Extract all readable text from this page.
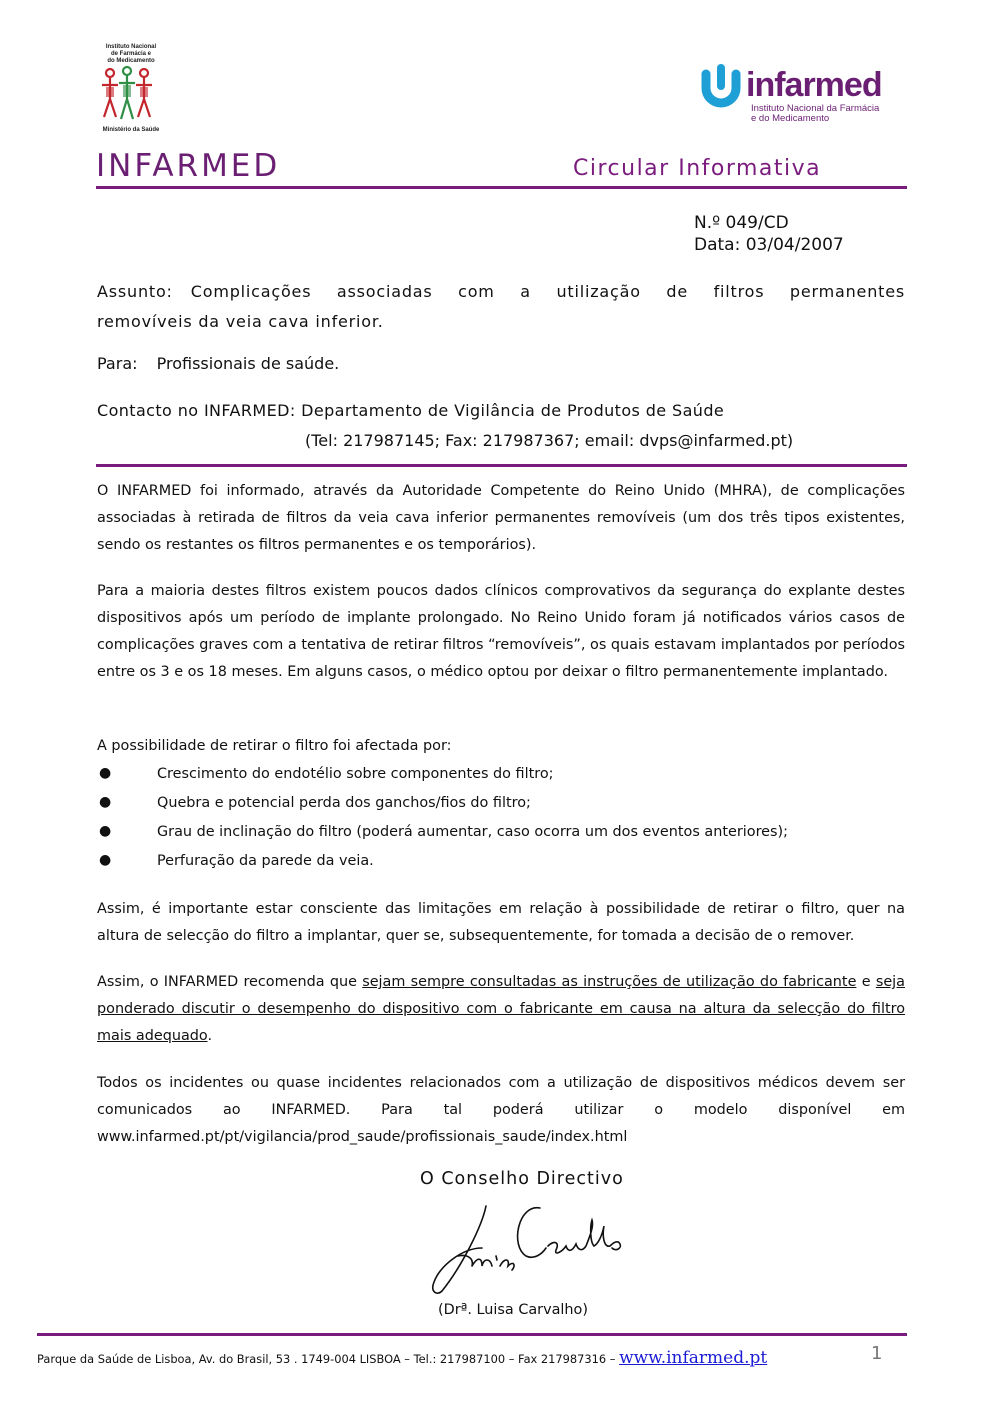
Instituto Nacional
de Farmácia e
do Medicamento
Ministério da Saúde
infarmed
Instituto Nacional da Farmácia
e do Medicamento
INFARMED	Circular Informativa
N.º 049/CD
Data: 03/04/2007
Assunto: Complicações associadas com a utilização de filtros permanentes
removíveis da veia cava inferior.
Para: Profissionais de saúde.
Contacto no INFARMED: Departamento de Vigilância de Produtos de Saúde
(Tel: 217987145; Fax: 217987367; email: dvps@infarmed.pt)
O INFARMED foi informado, através da Autoridade Competente do Reino Unido (MHRA), de complicações associadas à retirada de filtros da veia cava inferior permanentes removíveis (um dos três tipos existentes, sendo os restantes os filtros permanentes e os temporários).
Para a maioria destes filtros existem poucos dados clínicos comprovativos da segurança do explante destes dispositivos após um período de implante prolongado. No Reino Unido foram já notificados vários casos de complicações graves com a tentativa de retirar filtros “removíveis”, os quais estavam implantados por períodos entre os 3 e os 18 meses. Em alguns casos, o médico optou por deixar o filtro permanentemente implantado.
A possibilidade de retirar o filtro foi afectada por:
●	Crescimento do endotélio sobre componentes do filtro;
●	Quebra e potencial perda dos ganchos/fios do filtro;
●	Grau de inclinação do filtro (poderá aumentar, caso ocorra um dos eventos anteriores);
●	Perfuração da parede da veia.
Assim, é importante estar consciente das limitações em relação à possibilidade de retirar o filtro, quer na altura de selecção do filtro a implantar, quer se, subsequentemente, for tomada a decisão de o remover.
Assim, o INFARMED recomenda que sejam sempre consultadas as instruções de utilização do fabricante e seja ponderado discutir o desempenho do dispositivo com o fabricante em causa na altura da selecção do filtro mais adequado.
Todos os incidentes ou quase incidentes relacionados com a utilização de dispositivos médicos devem ser comunicados ao INFARMED. Para tal poderá utilizar o modelo disponível em www.infarmed.pt/pt/vigilancia/prod_saude/profissionais_saude/index.html
O Conselho Directivo
(Drª. Luisa Carvalho)
Parque da Saúde de Lisboa, Av. do Brasil, 53 . 1749-004 LISBOA – Tel.: 217987100 – Fax 217987316 – www.infarmed.pt	1
